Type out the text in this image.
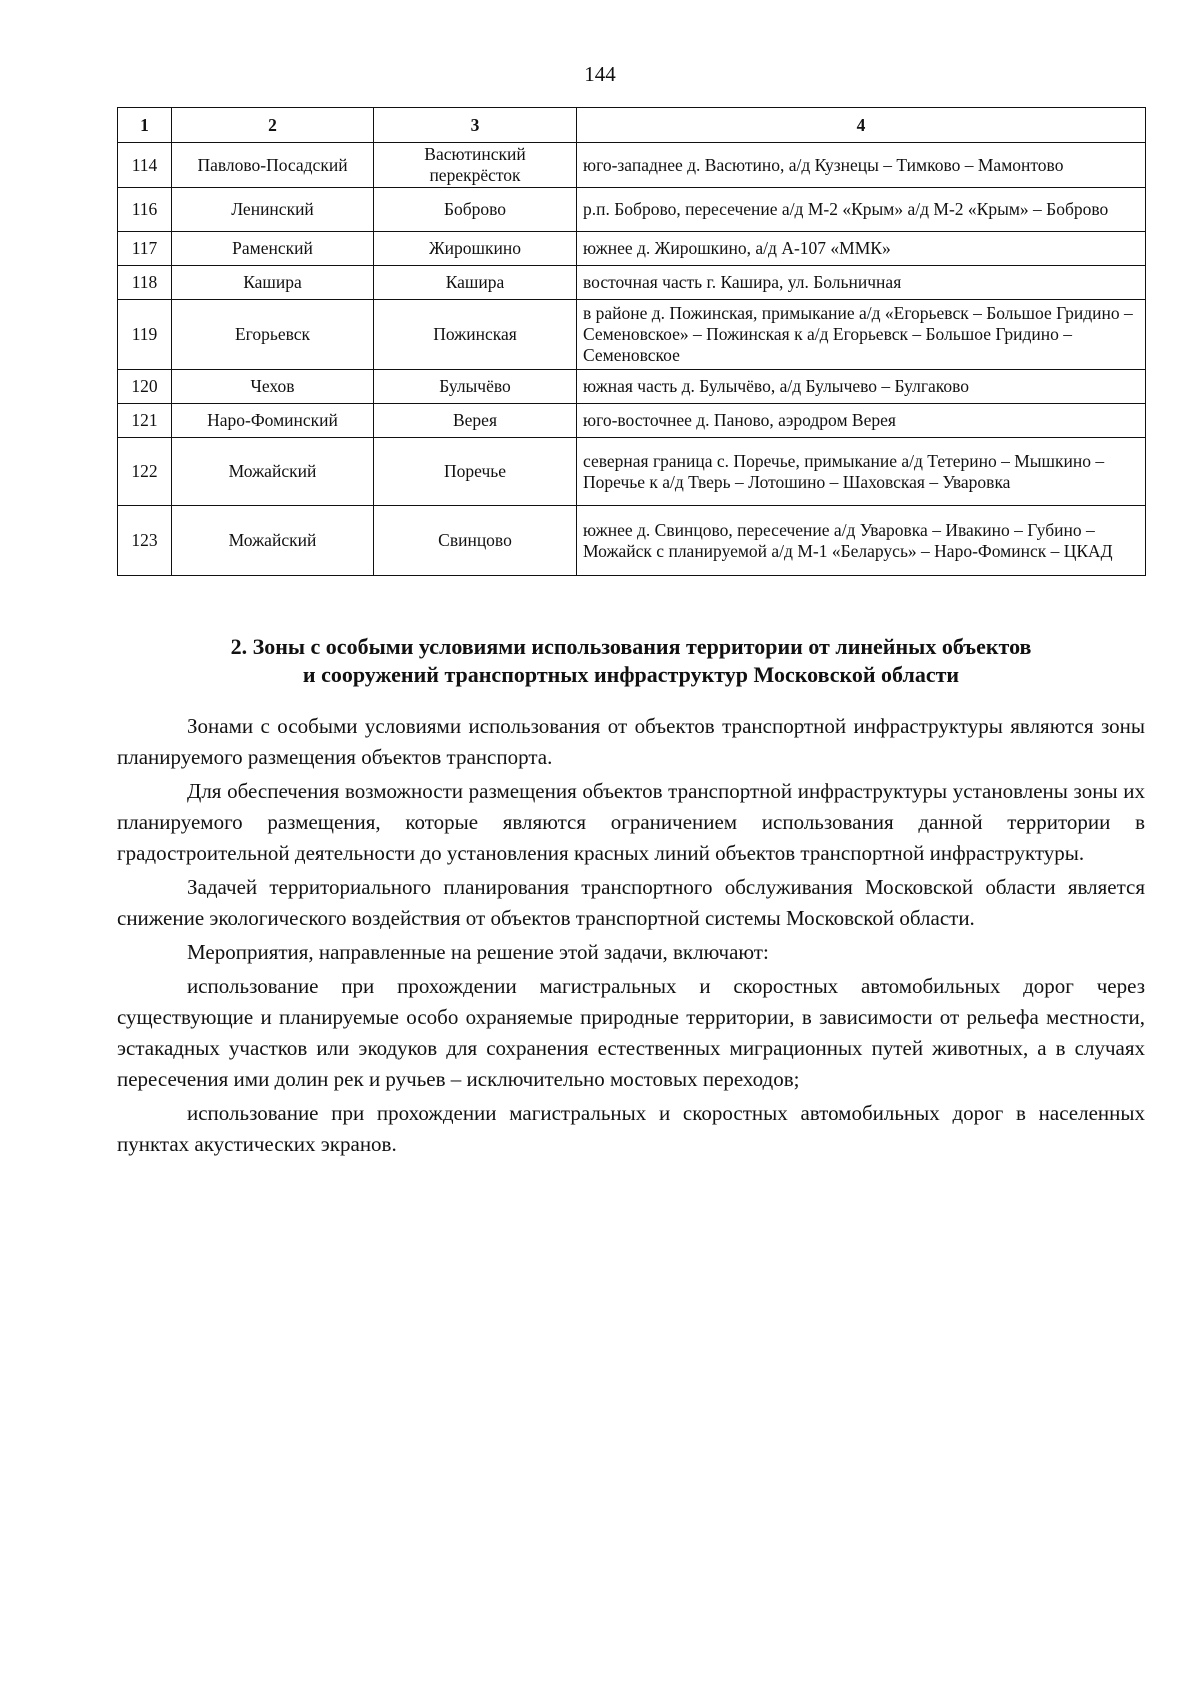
144
1	2	3	4
114	Павлово-Посадский	Васютинский перекрёсток	юго-западнее д. Васютино, а/д Кузнецы – Тимково – Мамонтово
116	Ленинский	Боброво	р.п. Боброво, пересечение а/д М-2 «Крым» а/д М-2 «Крым» – Боброво
117	Раменский	Жирошкино	южнее д. Жирошкино, а/д А-107 «ММК»
118	Кашира	Кашира	восточная часть г. Кашира, ул. Больничная
119	Егорьевск	Пожинская	в районе д. Пожинская, примыкание а/д «Егорьевск – Большое Гридино – Семеновское» – Пожинская к а/д Егорьевск – Большое Гридино – Семеновское
120	Чехов	Булычёво	южная часть д. Булычёво, а/д Булычево – Булгаково
121	Наро-Фоминский	Верея	юго-восточнее д. Паново, аэродром Верея
122	Можайский	Поречье	северная граница с. Поречье, примыкание а/д Тетерино – Мышкино – Поречье к а/д Тверь – Лотошино – Шаховская – Уваровка
123	Можайский	Свинцово	южнее д. Свинцово, пересечение а/д Уваровка – Ивакино – Губино – Можайск с планируемой а/д М-1 «Беларусь» – Наро-Фоминск – ЦКАД
2. Зоны с особыми условиями использования территории от линейных объектов
и сооружений транспортных инфраструктур Московской области

Зонами с особыми условиями использования от объектов транспортной инфраструктуры являются зоны планируемого размещения объектов транспорта.

Для обеспечения возможности размещения объектов транспортной инфраструктуры установлены зоны их планируемого размещения, которые являются ограничением использования данной территории в градостроительной деятельности до установления красных линий объектов транспортной инфраструктуры.

Задачей территориального планирования транспортного обслуживания Московской области является снижение экологического воздействия от объектов транспортной системы Московской области.

Мероприятия, направленные на решение этой задачи, включают:

использование при прохождении магистральных и скоростных автомобильных дорог через существующие и планируемые особо охраняемые природные территории, в зависимости от рельефа местности, эстакадных участков или экодуков для сохранения естественных миграционных путей животных, а в случаях пересечения ими долин рек и ручьев – исключительно мостовых переходов;

использование при прохождении магистральных и скоростных автомобильных дорог в населенных пунктах акустических экранов.
